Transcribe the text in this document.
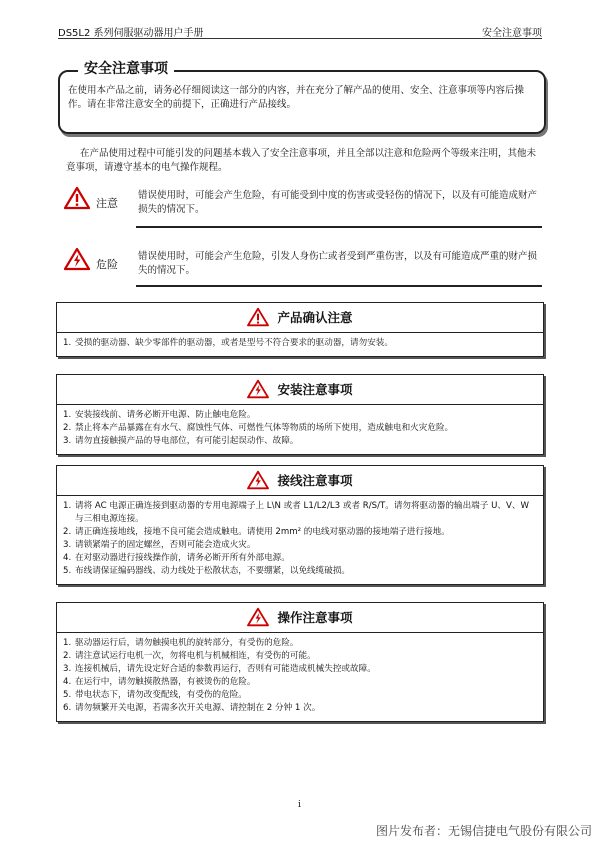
DS5L2 系列伺服驱动器用户手册	安全注意事项
在使用本产品之前，请务必仔细阅读这一部分的内容，并在充分了解产品的使用、安全、注意事项等内容后操作。请在非常注意安全的前提下，正确进行产品接线。
安全注意事项
在产品使用过程中可能引发的问题基本载入了安全注意事项，并且全部以注意和危险两个等级来注明，其他未竟事项，请遵守基本的电气操作规程。
注意
错误使用时，可能会产生危险，有可能受到中度的伤害或受轻伤的情况下，以及有可能造成财产损失的情况下。
危险
错误使用时，可能会产生危险，引发人身伤亡或者受到严重伤害，以及有可能造成严重的财产损失的情况下。
产品确认注意
1. 受损的驱动器、缺少零部件的驱动器，或者是型号不符合要求的驱动器，请勿安装。
安装注意事项
1. 安装接线前、请务必断开电源、防止触电危险。
2. 禁止将本产品暴露在有水气、腐蚀性气体、可燃性气体等物质的场所下使用，造成触电和火灾危险。
3. 请勿直接触摸产品的导电部位，有可能引起误动作、故障。
接线注意事项
1. 请将 AC 电源正确连接到驱动器的专用电源端子上 L\N 或者 L1/L2/L3 或者 R/S/T。请勿将驱动器的输出端子 U、V、W 与三相电源连接。
2. 请正确连接地线，接地不良可能会造成触电。请使用 2mm² 的电线对驱动器的接地端子进行接地。
3. 请锁紧端子的固定螺丝，否则可能会造成火灾。
4. 在对驱动器进行接线操作前，请务必断开所有外部电源。
5. 布线请保证编码器线、动力线处于松散状态，不要绷紧，以免线缆破损。
操作注意事项
1. 驱动器运行后，请勿触摸电机的旋转部分，有受伤的危险。
2. 请注意试运行电机一次，勿将电机与机械相连，有受伤的可能。
3. 连接机械后，请先设定好合适的参数再运行，否则有可能造成机械失控或故障。
4. 在运行中，请勿触摸散热器，有被烫伤的危险。
5. 带电状态下，请勿改变配线，有受伤的危险。
6. 请勿频繁开关电源，若需多次开关电源、请控制在 2 分钟 1 次。
i
图片发布者：无锡信捷电气股份有限公司
